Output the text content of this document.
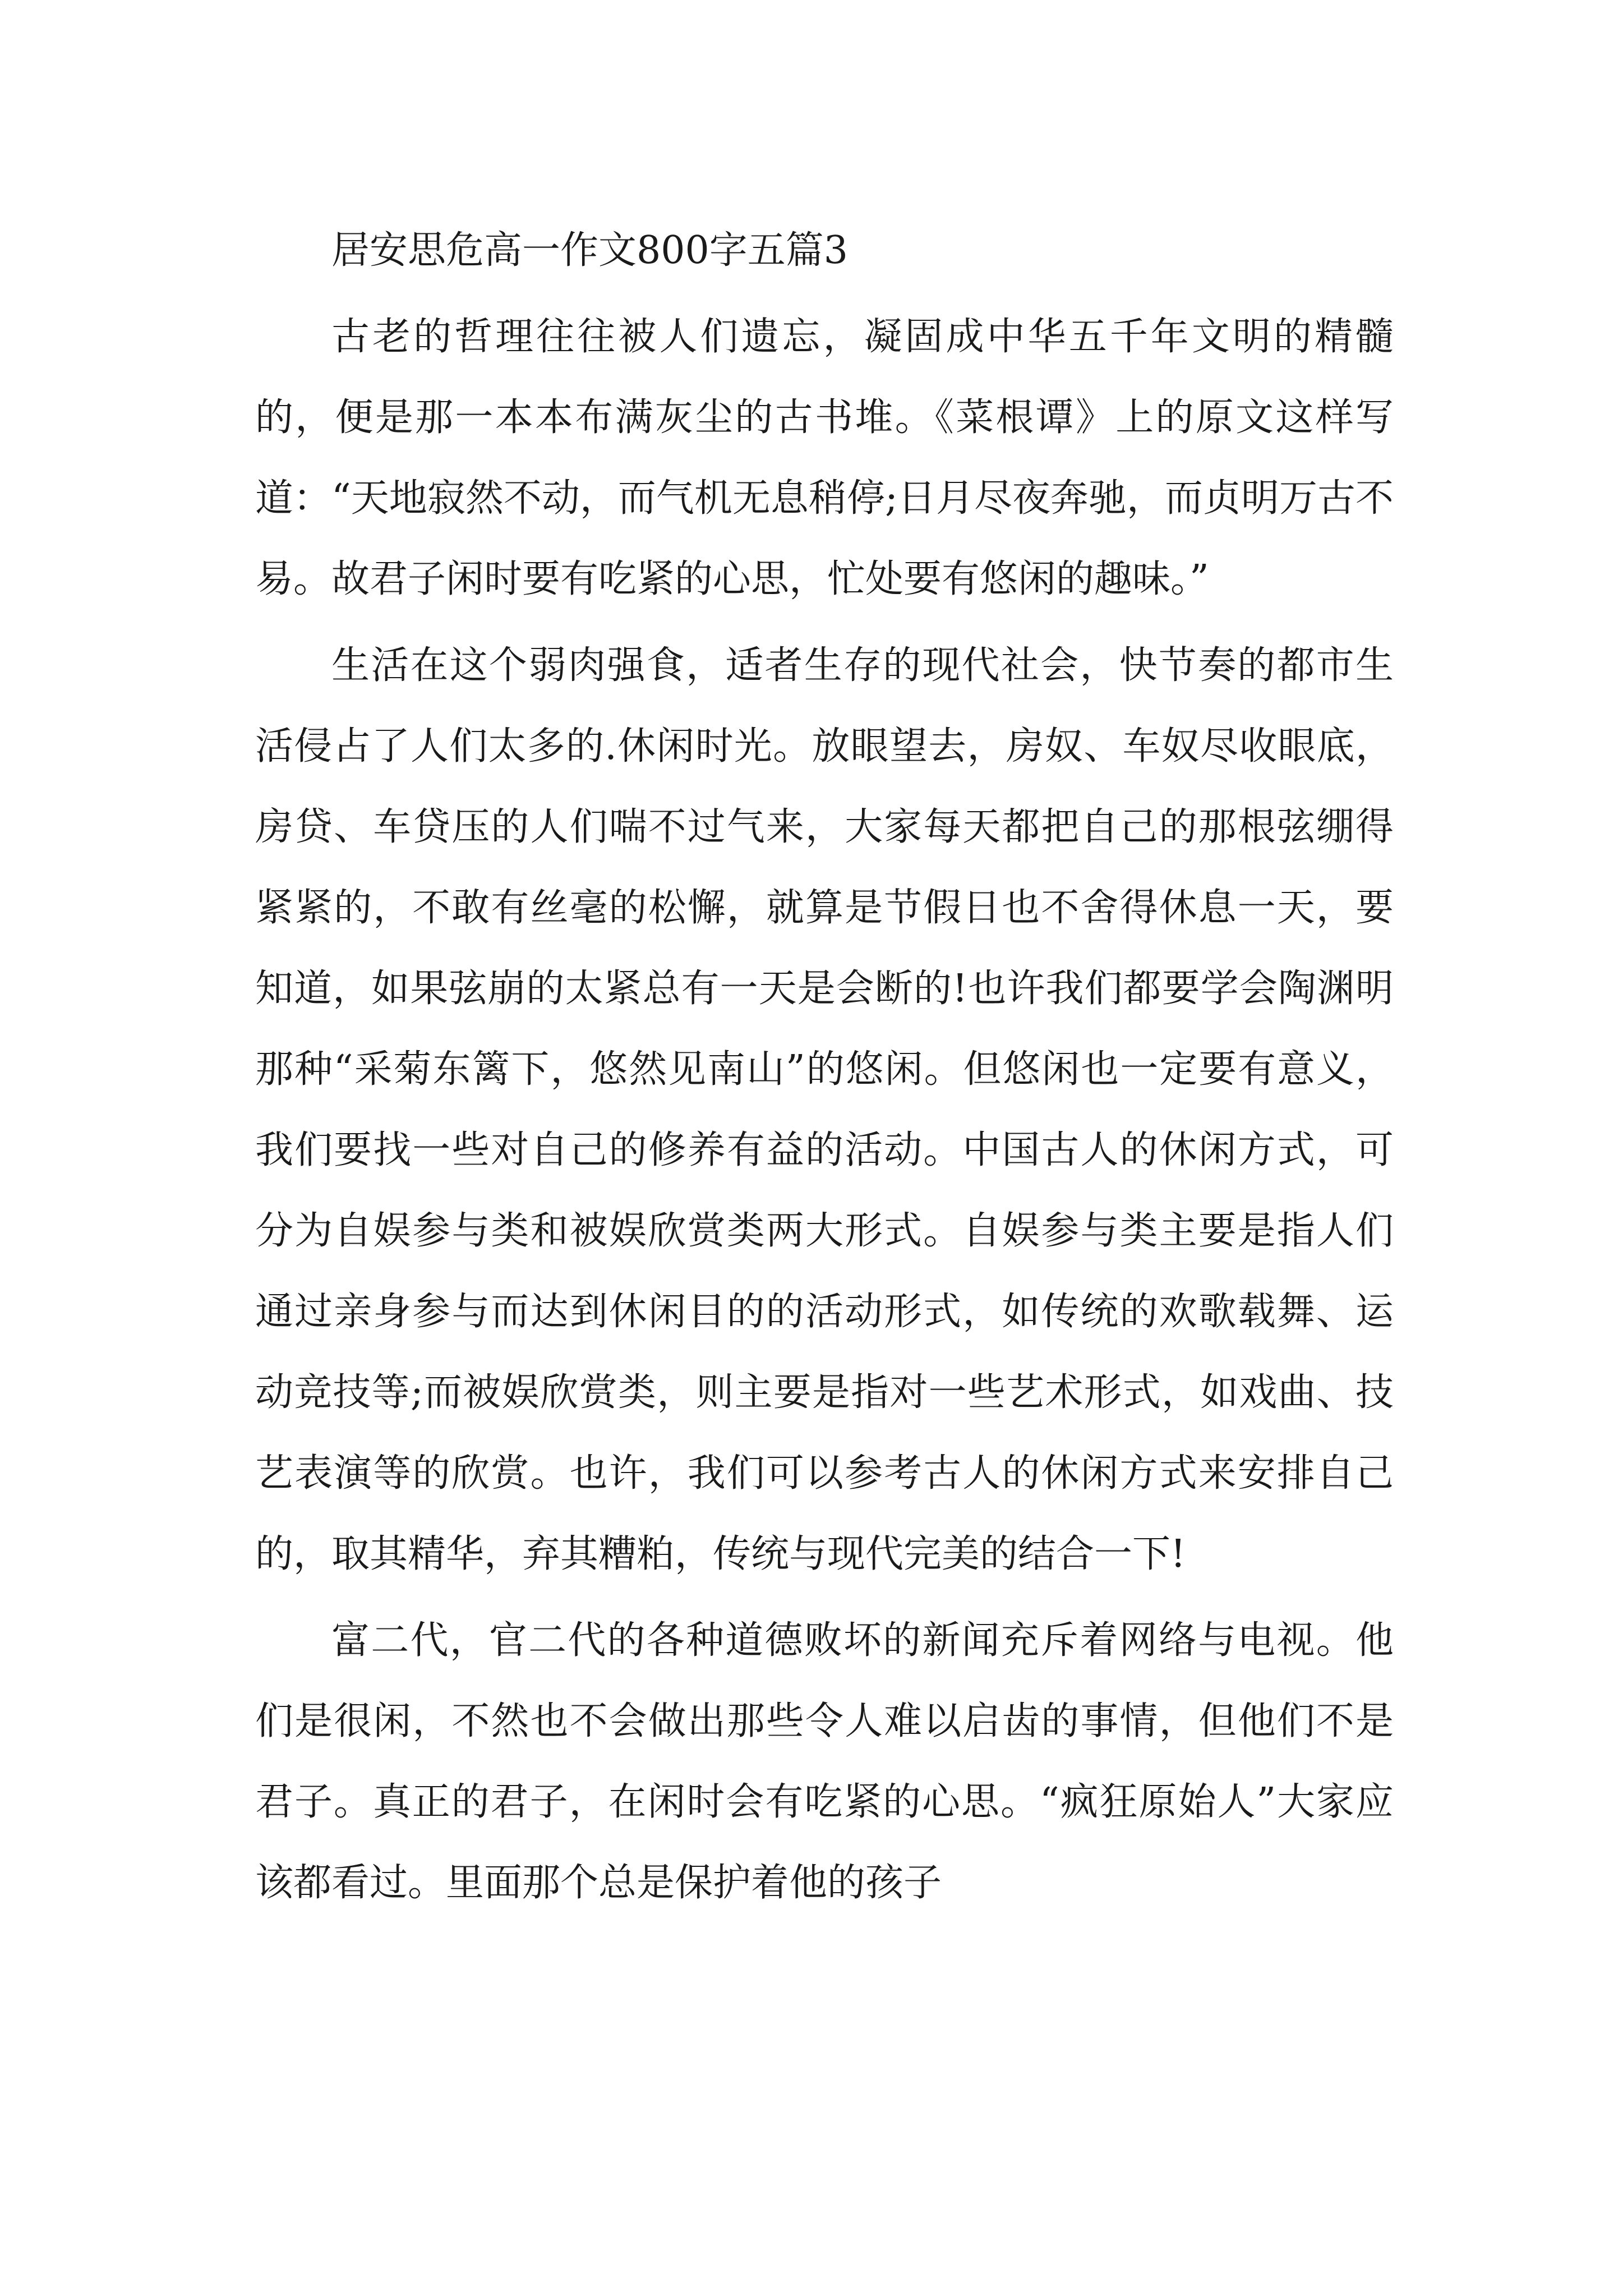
居安思危高一作文800字五篇3

古老的哲理往往被人们遗忘，凝固成中华五千年文明的精髓的，便是那一本本布满灰尘的古书堆。《菜根谭》上的原文这样写道：“天地寂然不动，而气机无息稍停;日月尽夜奔驰，而贞明万古不易。故君子闲时要有吃紧的心思，忙处要有悠闲的趣味。”

生活在这个弱肉强食，适者生存的现代社会，快节奏的都市生活侵占了人们太多的.休闲时光。放眼望去，房奴、车奴尽收眼底，房贷、车贷压的人们喘不过气来，大家每天都把自己的那根弦绷得紧紧的，不敢有丝毫的松懈，就算是节假日也不舍得休息一天，要知道，如果弦崩的太紧总有一天是会断的!也许我们都要学会陶渊明那种“采菊东篱下，悠然见南山”的悠闲。但悠闲也一定要有意义，我们要找一些对自己的修养有益的活动。中国古人的休闲方式，可分为自娱参与类和被娱欣赏类两大形式。自娱参与类主要是指人们通过亲身参与而达到休闲目的的活动形式，如传统的欢歌载舞、运动竞技等;而被娱欣赏类，则主要是指对一些艺术形式，如戏曲、技艺表演等的欣赏。也许，我们可以参考古人的休闲方式来安排自己的，取其精华，弃其糟粕，传统与现代完美的结合一下!

富二代，官二代的各种道德败坏的新闻充斥着网络与电视。他们是很闲，不然也不会做出那些令人难以启齿的事情，但他们不是君子。真正的君子，在闲时会有吃紧的心思。“疯狂原始人”大家应该都看过。里面那个总是保护着他的孩子
